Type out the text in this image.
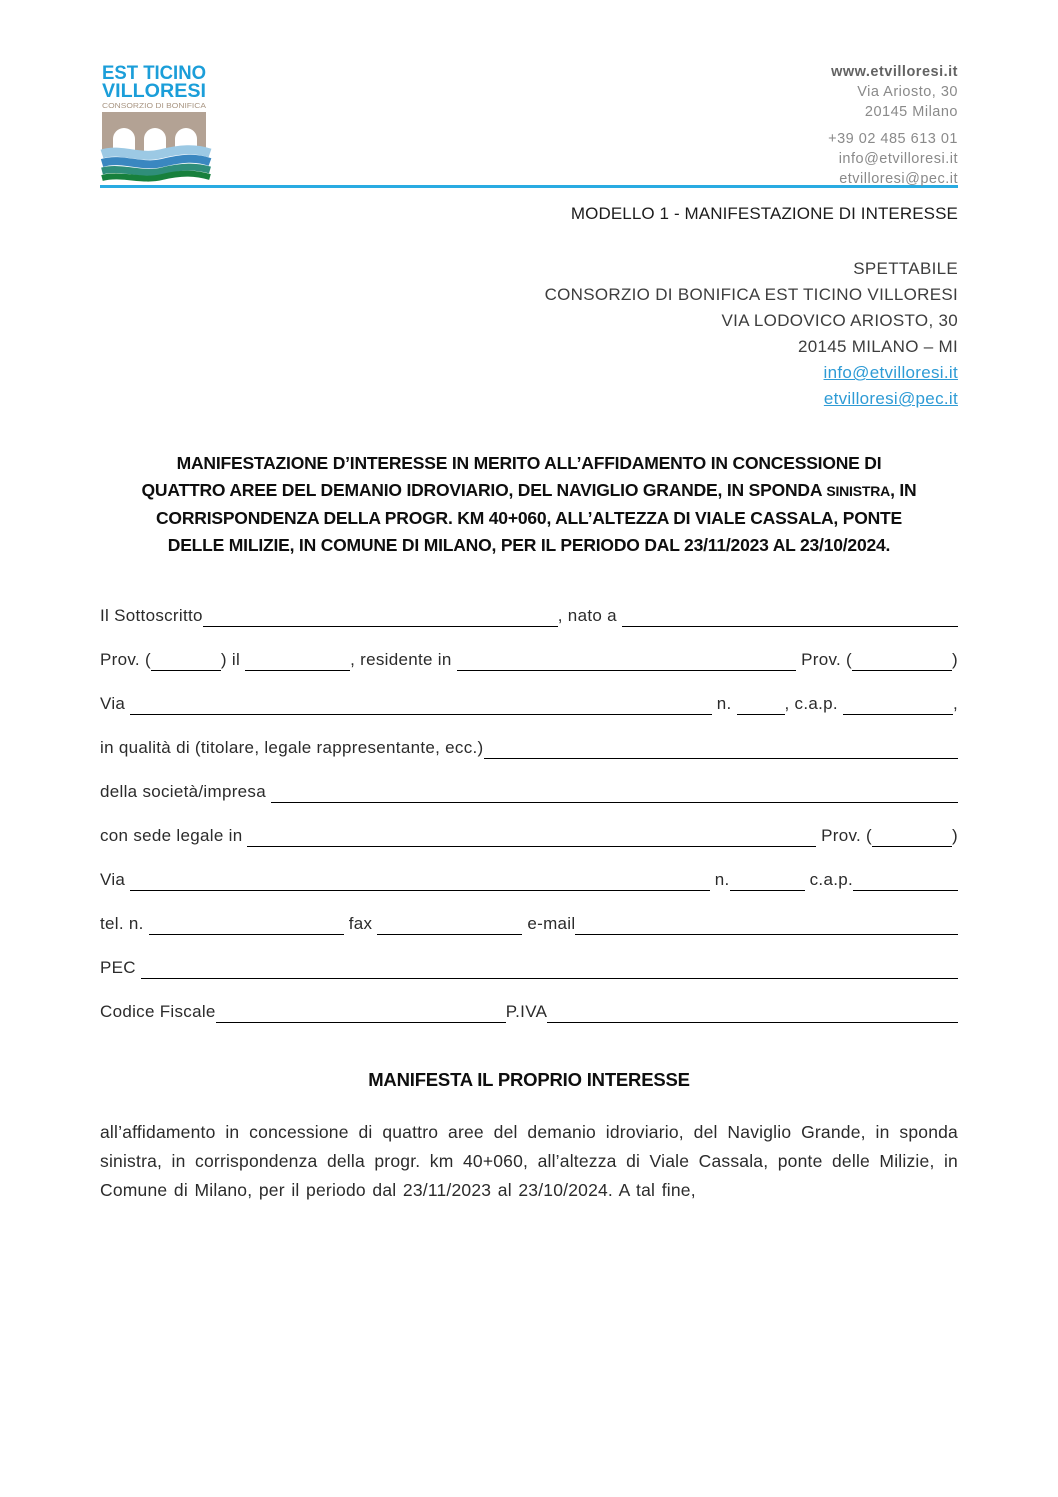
EST TICINO
VILLORESI
CONSORZIO DI BONIFICA
www.etvilloresi.it
Via Ariosto, 30
20145 Milano
+39 02 485 613 01
info@etvilloresi.it
etvilloresi@pec.it
MODELLO 1 - MANIFESTAZIONE DI INTERESSE
SPETTABILE
CONSORZIO DI BONIFICA EST TICINO VILLORESI
VIA LODOVICO ARIOSTO, 30
20145 MILANO – MI
info@etvilloresi.it
etvilloresi@pec.it
MANIFESTAZIONE D’INTERESSE IN MERITO ALL’AFFIDAMENTO IN CONCESSIONE DI QUATTRO AREE DEL DEMANIO IDROVIARIO, DEL NAVIGLIO GRANDE, IN SPONDA SINISTRA, IN CORRISPONDENZA DELLA PROGR. KM 40+060, ALL’ALTEZZA DI VIALE CASSALA, PONTE DELLE MILIZIE, IN COMUNE DI MILANO, PER IL PERIODO DAL 23/11/2023 AL 23/10/2024.
Il Sottoscritto	, nato a
Prov. (	) il	, residente in	Prov. (	)
Via	n.	, c.a.p.	,
in qualità di (titolare, legale rappresentante, ecc.)
della società/impresa
con sede legale in	Prov. (	)
Via	n.	c.a.p.
tel. n.	fax	e-mail
PEC
Codice Fiscale	P.IVA
MANIFESTA IL PROPRIO INTERESSE
all’affidamento in concessione di quattro aree del demanio idroviario, del Naviglio Grande, in sponda sinistra, in corrispondenza della progr. km 40+060, all’altezza di Viale Cassala, ponte delle Milizie, in Comune di Milano, per il periodo dal 23/11/2023 al 23/10/2024. A tal fine,
